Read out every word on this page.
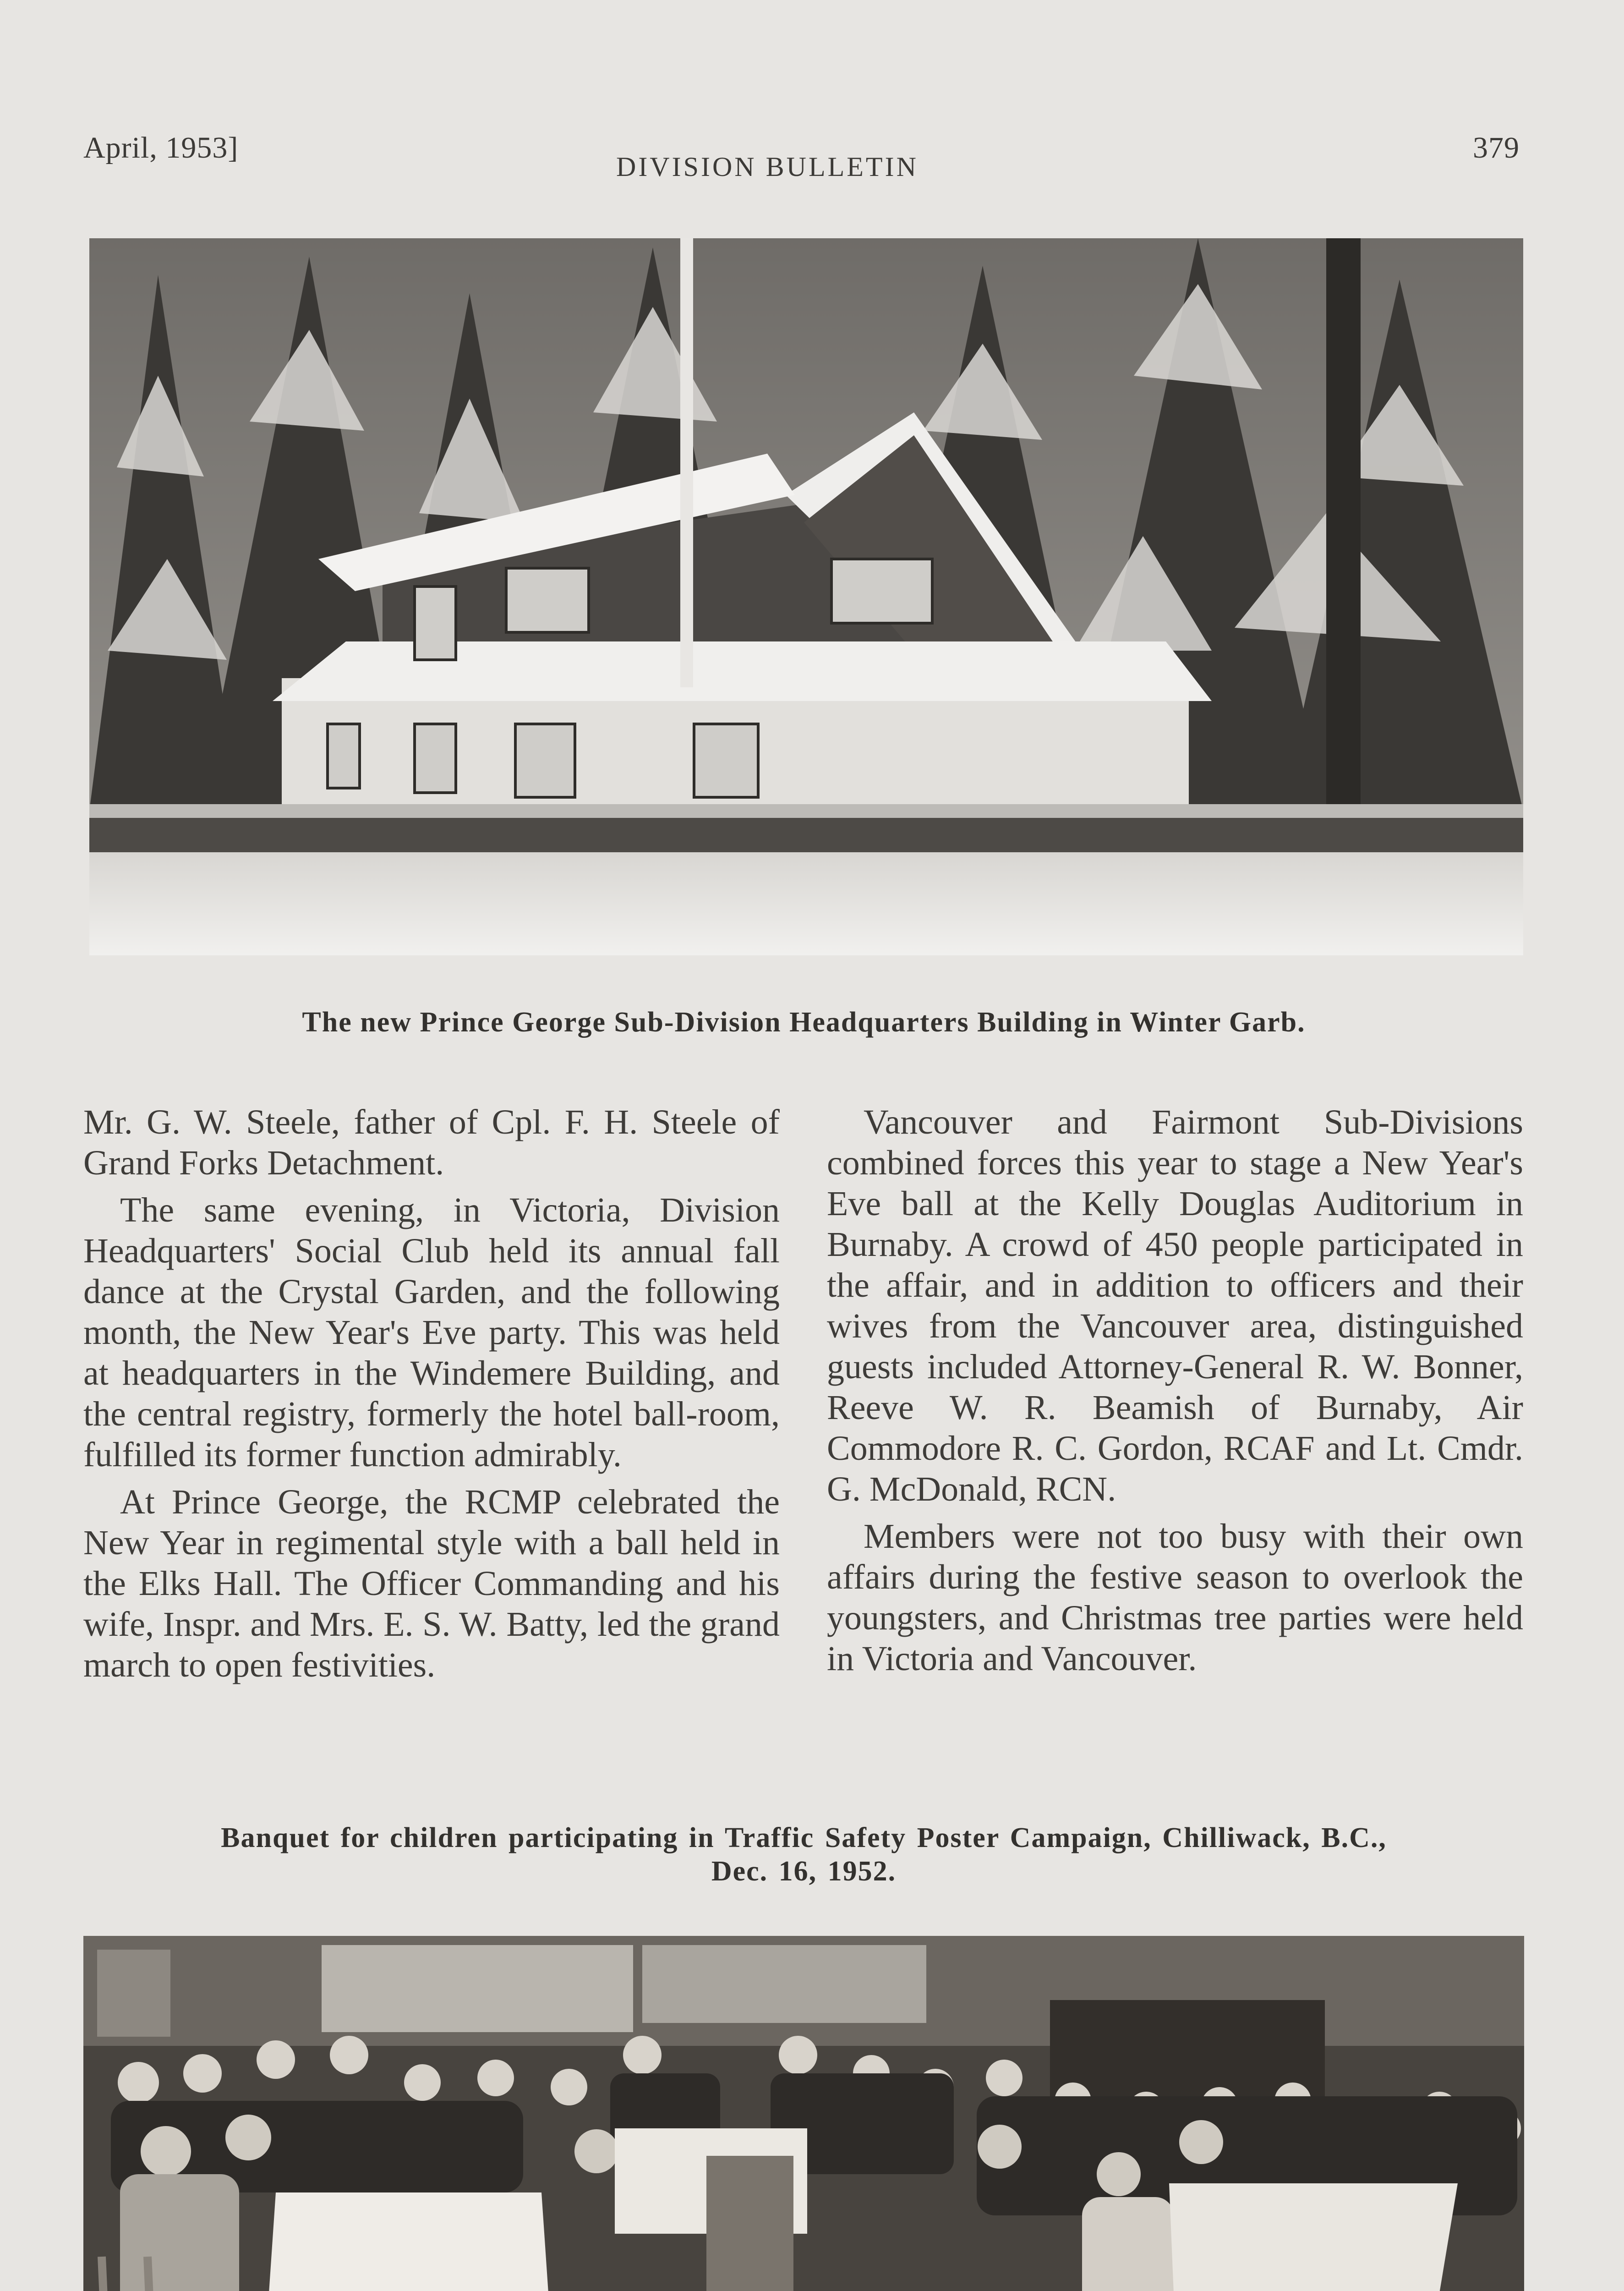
April, 1953]
DIVISION BULLETIN
379
The new Prince George Sub-Division Headquarters Building in Winter Garb.

Mr. G. W. Steele, father of Cpl. F. H. Steele of Grand Forks Detachment.

The same evening, in Victoria, Division Headquarters' Social Club held its annual fall dance at the Crystal Garden, and the following month, the New Year's Eve party. This was held at headquarters in the Windemere Building, and the central registry, formerly the hotel ball-room, fulfilled its former function admirably.

At Prince George, the RCMP celebrated the New Year in regimental style with a ball held in the Elks Hall. The Officer Commanding and his wife, Inspr. and Mrs. E. S. W. Batty, led the grand march to open festivities.

Vancouver and Fairmont Sub-Divisions combined forces this year to stage a New Year's Eve ball at the Kelly Douglas Auditorium in Burnaby. A crowd of 450 people participated in the affair, and in addition to officers and their wives from the Vancouver area, distinguished guests included Attorney-General R. W. Bonner, Reeve W. R. Beamish of Burnaby, Air Commodore R. C. Gordon, RCAF and Lt. Cmdr. G. McDonald, RCN.

Members were not too busy with their own affairs during the festive season to overlook the youngsters, and Christmas tree parties were held in Victoria and Vancouver.

Banquet for children participating in Traffic Safety Poster Campaign, Chilliwack, B.C.,
Dec. 16, 1952.
